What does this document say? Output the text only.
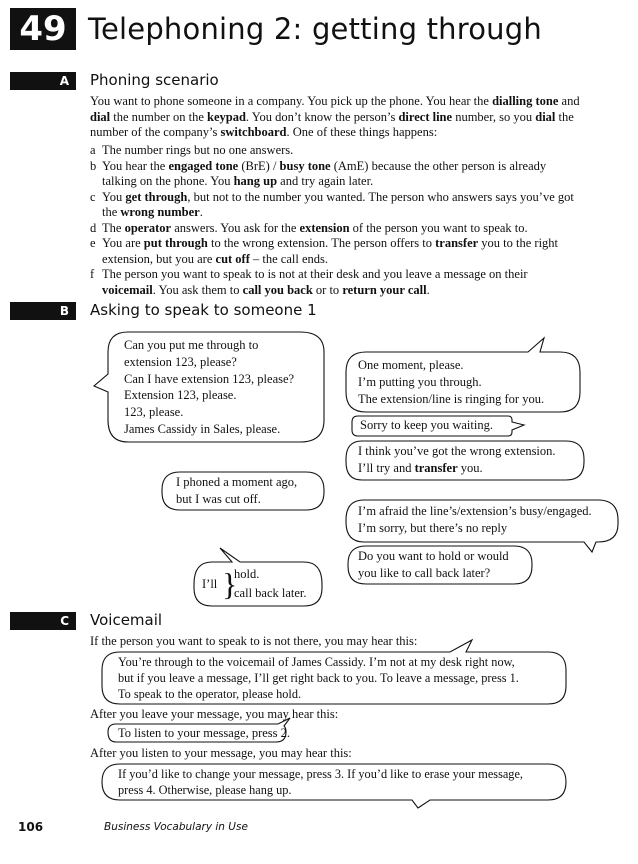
49 Telephoning 2: getting through
A	Phoning scenario
You want to phone someone in a company. You pick up the phone. You hear the dialling tone and dial the number on the keypad. You don’t know the person’s direct line number, so you dial the number of the company’s switchboard. One of these things happens:
a The number rings but no one answers.
b You hear the engaged tone (BrE) / busy tone (AmE) because the other person is already talking on the phone. You hang up and try again later.
c You get through, but not to the number you wanted. The person who answers says you’ve got the wrong number.
d The operator answers. You ask for the extension of the person you want to speak to.
e You are put through to the wrong extension. The person offers to transfer you to the right extension, but you are cut off – the call ends.
f The person you want to speak to is not at their desk and you leave a message on their voicemail. You ask them to call you back or to return your call.
B	Asking to speak to someone 1
C	Voicemail
Can you put me through to
extension 123, please?
Can I have extension 123, please?
Extension 123, please.
123, please.
James Cassidy in Sales, please.
One moment, please.
I’m putting you through.
The extension/line is ringing for you.
Sorry to keep you waiting.
I think you’ve got the wrong extension.
I’ll try and transfer you.
I phoned a moment ago,
but I was cut off.
I’m afraid the line’s/extension’s busy/engaged.
I’m sorry, but there’s no reply
Do you want to hold or would
you like to call back later?
I’ll }
hold.
call back later.
If the person you want to speak to is not there, you may hear this:
You’re through to the voicemail of James Cassidy. I’m not at my desk right now,
but if you leave a message, I’ll get right back to you. To leave a message, press 1.
To speak to the operator, please hold.
After you leave your message, you may hear this:
To listen to your message, press 2.
After you listen to your message, you may hear this:
If you’d like to change your message, press 3. If you’d like to erase your message,
press 4. Otherwise, please hang up.
106	Business Vocabulary in Use
